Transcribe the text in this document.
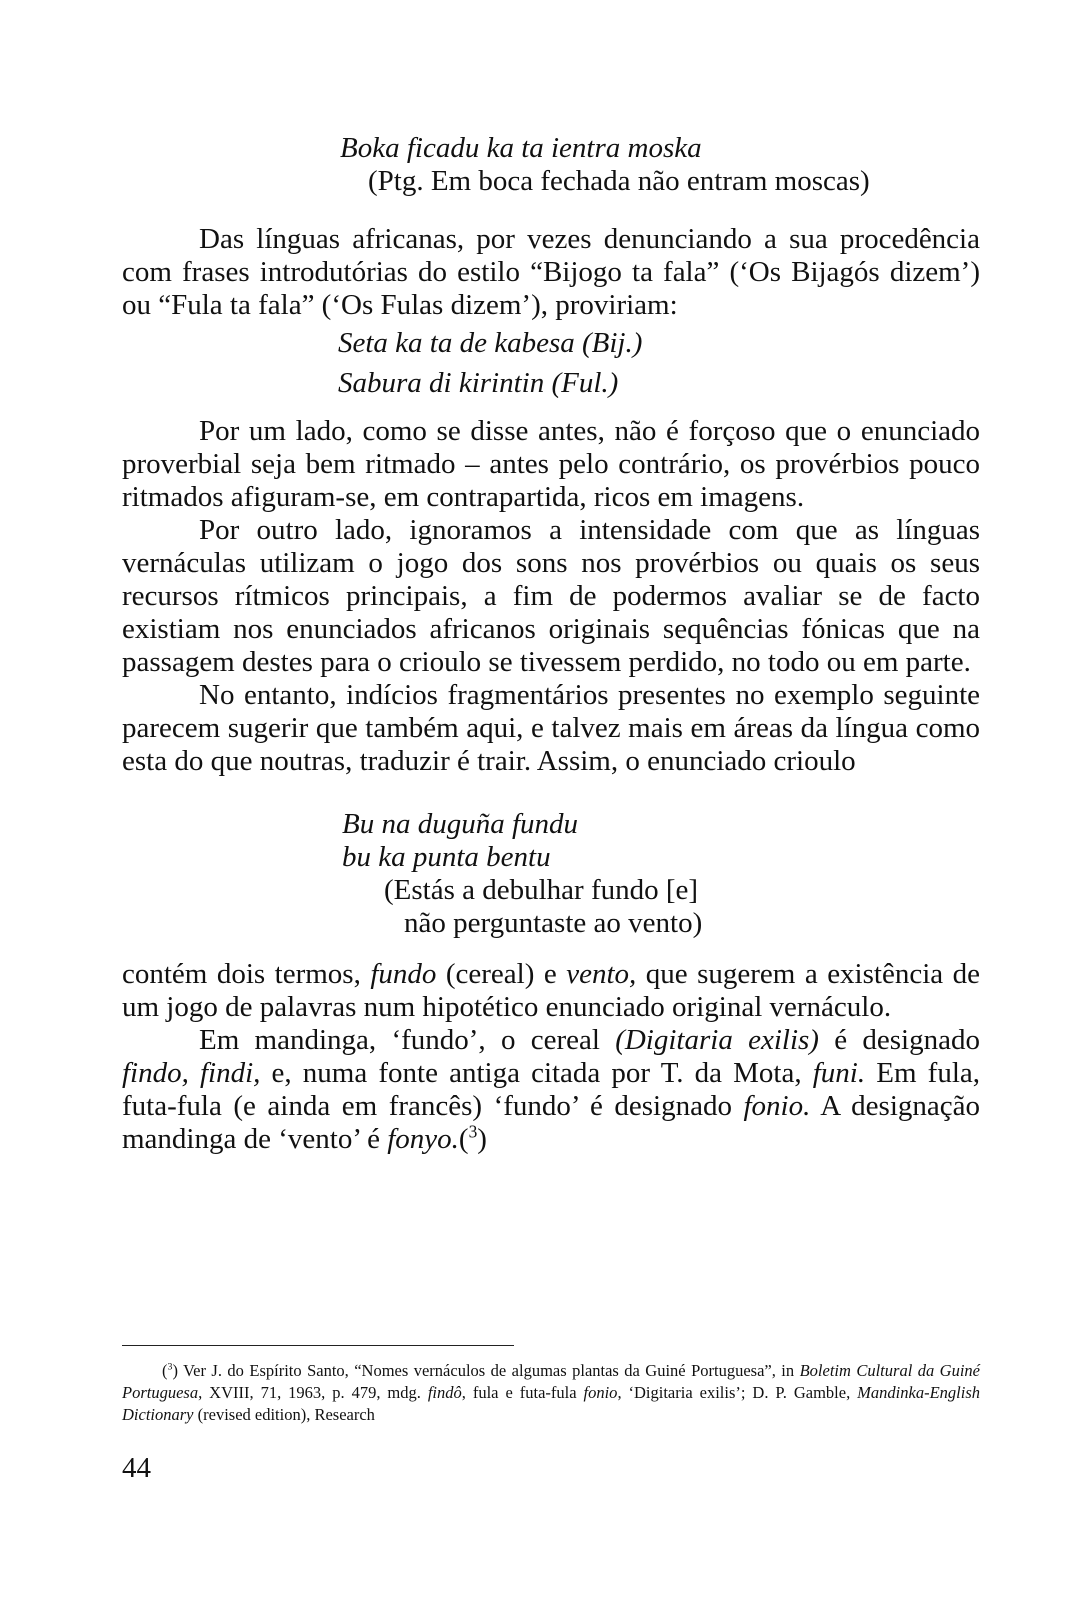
Boka ficadu ka ta ientra moska
(Ptg. Em boca fechada não entram moscas)

Das línguas africanas, por vezes denunciando a sua procedência com frases introdutórias do estilo “Bijogo ta fala” (‘Os Bijagós dizem’) ou “Fula ta fala” (‘Os Fulas dizem’), proviriam:

Seta ka ta de kabesa (Bij.)
Sabura di kirintin (Ful.)

Por um lado, como se disse antes, não é forçoso que o enunciado proverbial seja bem ritmado – antes pelo contrário, os provérbios pouco ritmados afiguram-se, em contrapartida, ricos em imagens.

Por outro lado, ignoramos a intensidade com que as línguas vernáculas utilizam o jogo dos sons nos provérbios ou quais os seus recursos rítmicos principais, a fim de podermos avaliar se de facto existiam nos enunciados africanos originais sequências fónicas que na passagem destes para o crioulo se tivessem perdido, no todo ou em parte.

No entanto, indícios fragmentários presentes no exemplo seguinte parecem sugerir que também aqui, e talvez mais em áreas da língua como esta do que noutras, traduzir é trair. Assim, o enunciado crioulo

Bu na duguña fundu
bu ka punta bentu
(Estás a debulhar fundo [e]
não perguntaste ao vento)

contém dois termos, fundo (cereal) e vento, que sugerem a existência de um jogo de palavras num hipotético enunciado original vernáculo.

Em mandinga, ‘fundo’, o cereal (Digitaria exilis) é designado findo, findi, e, numa fonte antiga citada por T. da Mota, funi. Em fula, futa-fula (e ainda em francês) ‘fundo’ é designado fonio. A designação mandinga de ‘vento’ é fonyo.($^3$)

($^3$) Ver J. do Espírito Santo, “Nomes vernáculos de algumas plantas da Guiné Portuguesa”, in Boletim Cultural da Guiné Portuguesa, XVIII, 71, 1963, p. 479, mdg. findô, fula e futa-fula fonio, ‘Digitaria exilis’; D. P. Gamble, Mandinka-English Dictionary (revised edition), Research
44
